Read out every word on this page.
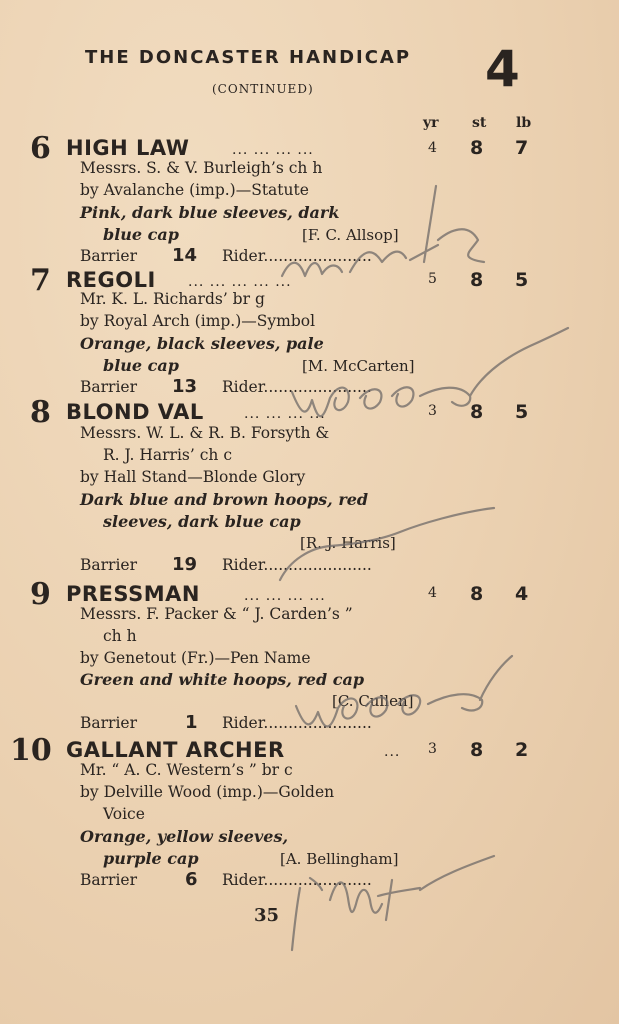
THE DONCASTER HANDICAP 4
(CONTINUED)
yr st lb
6 HIGH LAW	... ... ... ...	4 8 7
Messrs. S. & V. Burleigh’s ch h
by Avalanche (imp.)—Statute
Pink, dark blue sleeves, dark
blue cap	[F. C. Allsop]
Barrier 14 Rider......................
7 REGOLI ... ... ... ... ...	5 8 5
Mr. K. L. Richards’ br g
by Royal Arch (imp.)—Symbol
Orange, black sleeves, pale
blue cap	[M. McCarten]
Barrier 13 Rider......................
8 BLOND VAL	... ... ... ...	3 8 5
Messrs. W. L. & R. B. Forsyth &
R. J. Harris’ ch c
by Hall Stand—Blonde Glory
Dark blue and brown hoops, red
sleeves, dark blue cap
[R. J. Harris]
Barrier 19 Rider......................
9 PRESSMAN	... ... ... ...	4 8 4
Messrs. F. Packer & “ J. Carden’s ”
ch h
by Genetout (Fr.)—Pen Name
Green and white hoops, red cap
[C. Cullen]
Barrier	1 Rider......................
10 GALLANT ARCHER	... 3 8 2
Mr. “ A. C. Western’s ” br c
by Delville Wood (imp.)—Golden
Voice
Orange, yellow sleeves,
purple cap	[A. Bellingham]
Barrier	6 Rider......................
35
